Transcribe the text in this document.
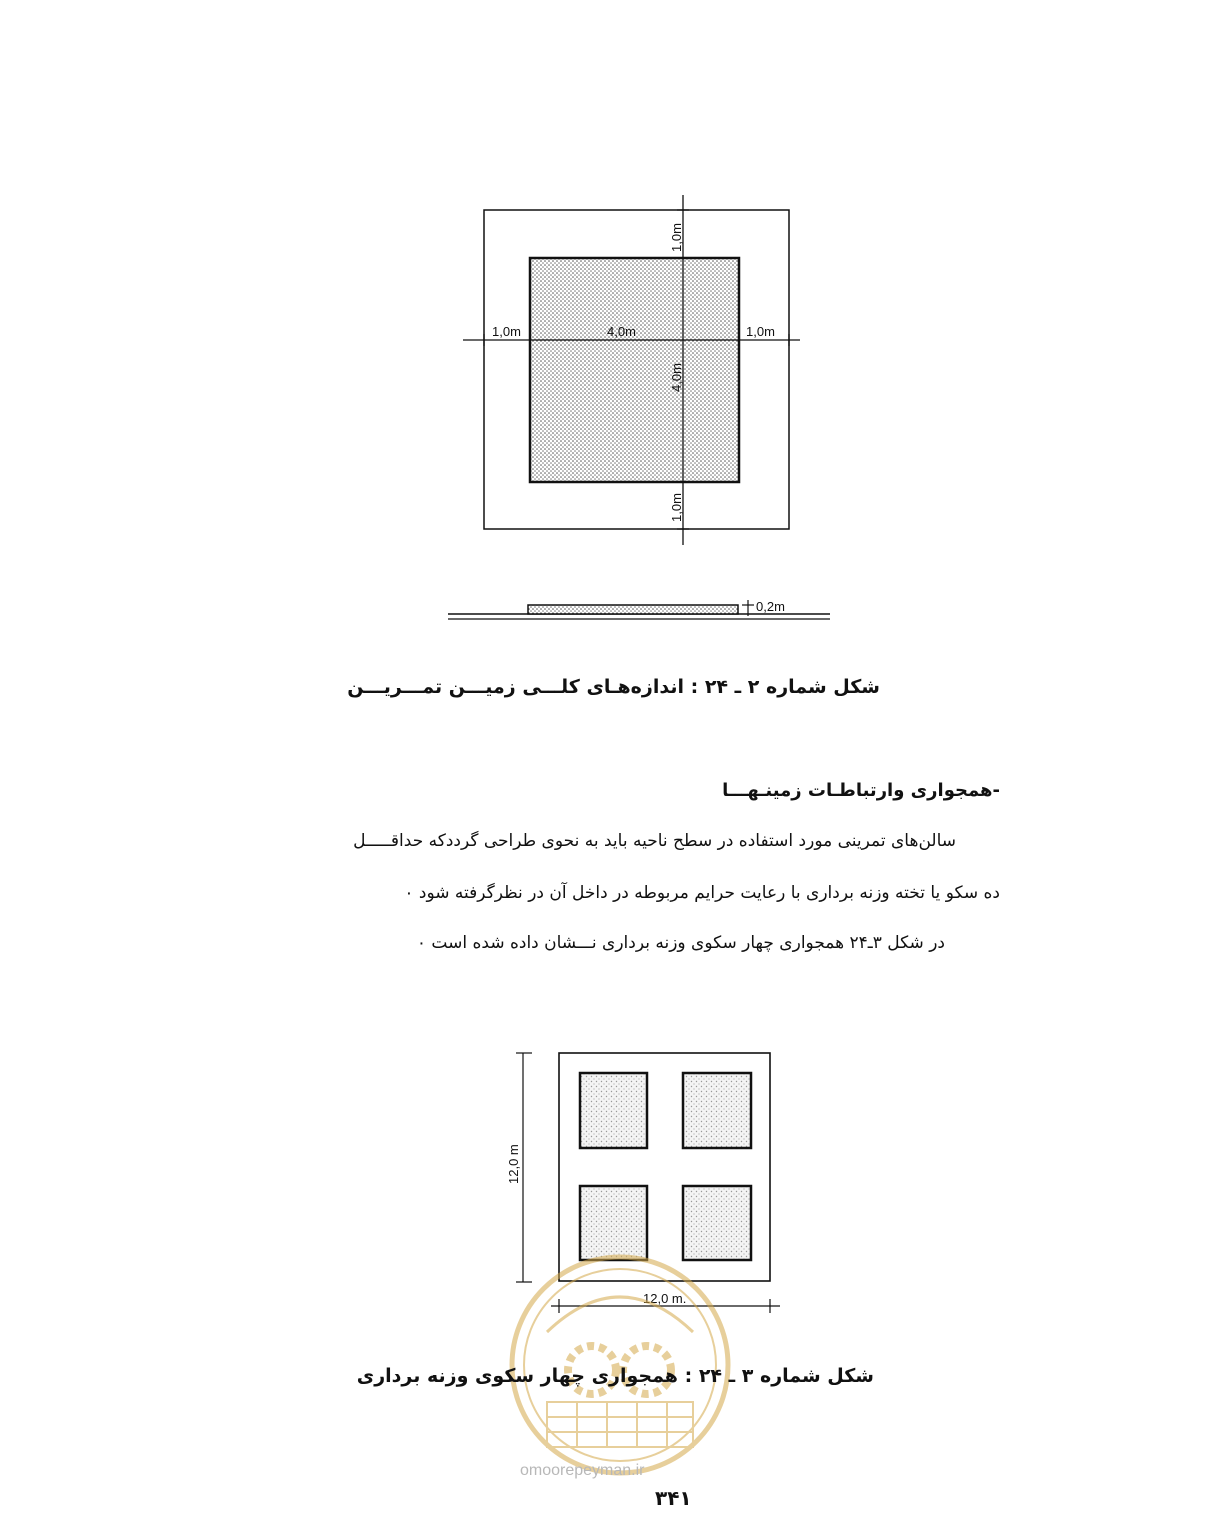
1,0m	1,0m
4,0m
1,0m
4,0m
1,0m
0,2m
12,0 m
12,0 m.
شکل شماره ۲ ـ ۲۴ : اندازه‌هـای کلـــی زمیـــن تمـــریـــن
-همجواری وارتباطـات زمینـهـــا
سالن‌های تمرینی مورد استفاده در سطح ناحیه باید به نحوی طراحی گرددکه حداقـــــل
ده سکو یا تخته وزنه برداری با رعایت حرایم مربوطه در داخل آن در نظرگرفته شود ۰
در شکل ۳ـ۲۴ همجواری چهار سکوی وزنه برداری نـــشان داده شده است ۰
شکل شماره ۳ ـ ۲۴ : همجواری چهار سکوی وزنه برداری
omoorepeyman.ir
۳۴۱
